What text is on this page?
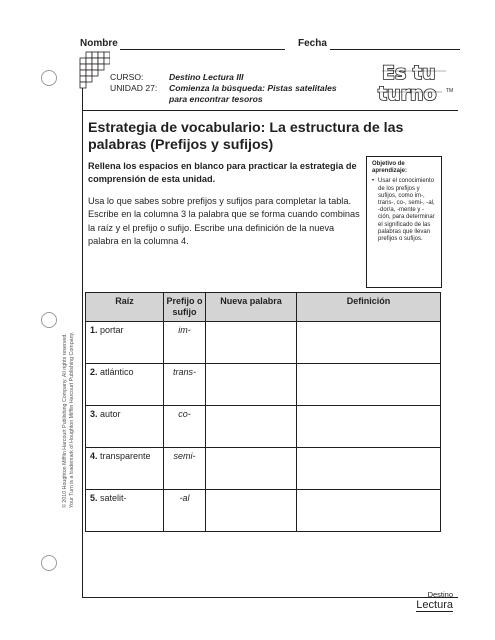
Nombre	Fecha
CURSO:	Destino Lectura III
UNIDAD 27: Comienza la búsqueda: Pistas satelitales
para encontrar tesoros
Es tu
turno TM
Estrategia de vocabulario: La estructura de las palabras (Prefijos y sufijos)

Rellena los espacios en blanco para practicar la estrategia de comprensión de esta unidad.

Usa lo que sabes sobre prefijos y sufijos para completar la tabla. Escribe en la columna 3 la palabra que se forma cuando combinas la raíz y el prefijo o sufijo. Escribe una definición de la nueva palabra en la columna 4.

Objetivo de aprendizaje:
• Usar el conocimiento de los prefijos y sufijos, como im-, trans-, co-, semi-, -al, -dor/a, -mente y -ción, para determinar el significado de las palabras que llevan prefijos o sufijos.
Raíz	Prefijo o sufijo	Nueva palabra	Definición
1. portar	im-		
2. atlántico	trans-		
3. autor	co-		
4. transparente	semi-		
5. satelit-	-al		
© 2010 Houghton Mifflin Harcourt Publishing Company. All rights reserved. Your Turn is a trademark of Houghton Mifflin Harcourt Publishing Company.
Destino
Lectura
